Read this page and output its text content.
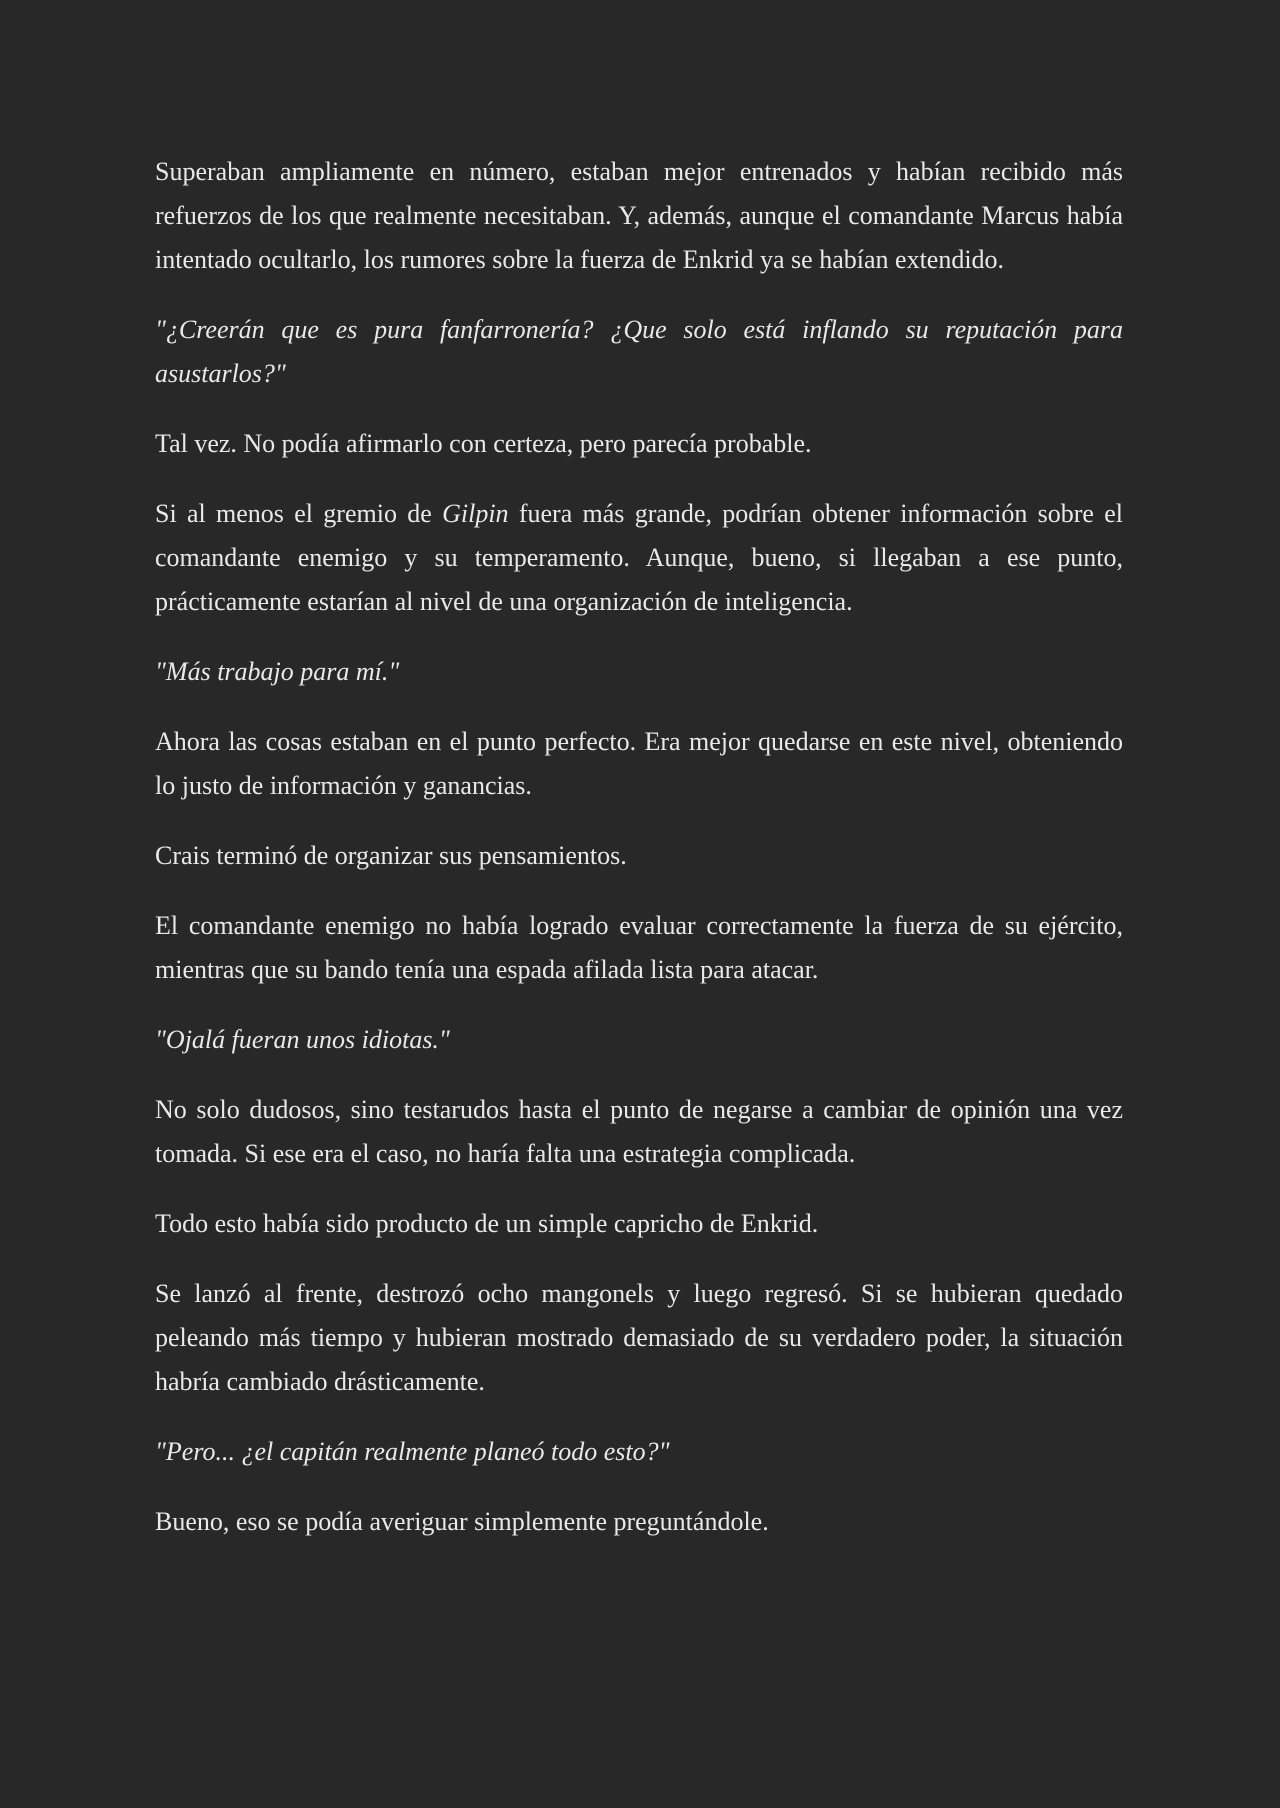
Superaban ampliamente en número, estaban mejor entrenados y habían recibido más refuerzos de los que realmente necesitaban. Y, además, aunque el comandante Marcus había intentado ocultarlo, los rumores sobre la fuerza de Enkrid ya se habían extendido.

"¿Creerán que es pura fanfarronería? ¿Que solo está inflando su reputación para asustarlos?"

Tal vez. No podía afirmarlo con certeza, pero parecía probable.

Si al menos el gremio de Gilpin fuera más grande, podrían obtener información sobre el comandante enemigo y su temperamento. Aunque, bueno, si llegaban a ese punto, prácticamente estarían al nivel de una organización de inteligencia.

"Más trabajo para mí."

Ahora las cosas estaban en el punto perfecto. Era mejor quedarse en este nivel, obteniendo lo justo de información y ganancias.

Crais terminó de organizar sus pensamientos.

El comandante enemigo no había logrado evaluar correctamente la fuerza de su ejército, mientras que su bando tenía una espada afilada lista para atacar.

"Ojalá fueran unos idiotas."

No solo dudosos, sino testarudos hasta el punto de negarse a cambiar de opinión una vez tomada. Si ese era el caso, no haría falta una estrategia complicada.

Todo esto había sido producto de un simple capricho de Enkrid.

Se lanzó al frente, destrozó ocho mangonels y luego regresó. Si se hubieran quedado peleando más tiempo y hubieran mostrado demasiado de su verdadero poder, la situación habría cambiado drásticamente.

"Pero... ¿el capitán realmente planeó todo esto?"

Bueno, eso se podía averiguar simplemente preguntándole.
